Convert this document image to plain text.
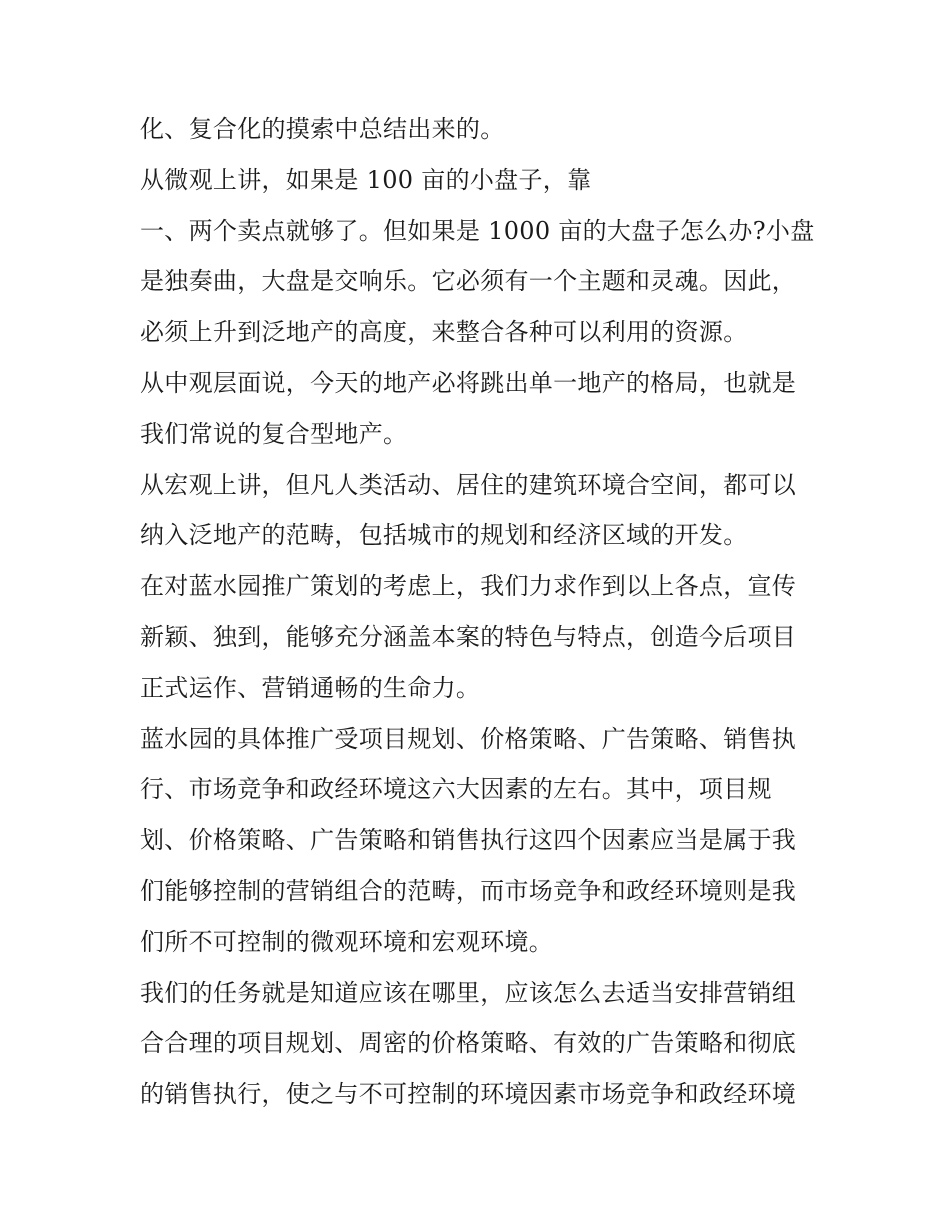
化、复合化的摸索中总结出来的。
从微观上讲，如果是 100 亩的小盘子，靠
一、两个卖点就够了。但如果是 1000 亩的大盘子怎么办?小盘
是独奏曲，大盘是交响乐。它必须有一个主题和灵魂。因此，
必须上升到泛地产的高度，来整合各种可以利用的资源。
从中观层面说，今天的地产必将跳出单一地产的格局，也就是
我们常说的复合型地产。
从宏观上讲，但凡人类活动、居住的建筑环境合空间，都可以
纳入泛地产的范畴，包括城市的规划和经济区域的开发。
在对蓝水园推广策划的考虑上，我们力求作到以上各点，宣传
新颖、独到，能够充分涵盖本案的特色与特点，创造今后项目
正式运作、营销通畅的生命力。
蓝水园的具体推广受项目规划、价格策略、广告策略、销售执
行、市场竞争和政经环境这六大因素的左右。其中，项目规
划、价格策略、广告策略和销售执行这四个因素应当是属于我
们能够控制的营销组合的范畴，而市场竞争和政经环境则是我
们所不可控制的微观环境和宏观环境。
我们的任务就是知道应该在哪里，应该怎么去适当安排营销组
合合理的项目规划、周密的价格策略、有效的广告策略和彻底
的销售执行，使之与不可控制的环境因素市场竞争和政经环境
